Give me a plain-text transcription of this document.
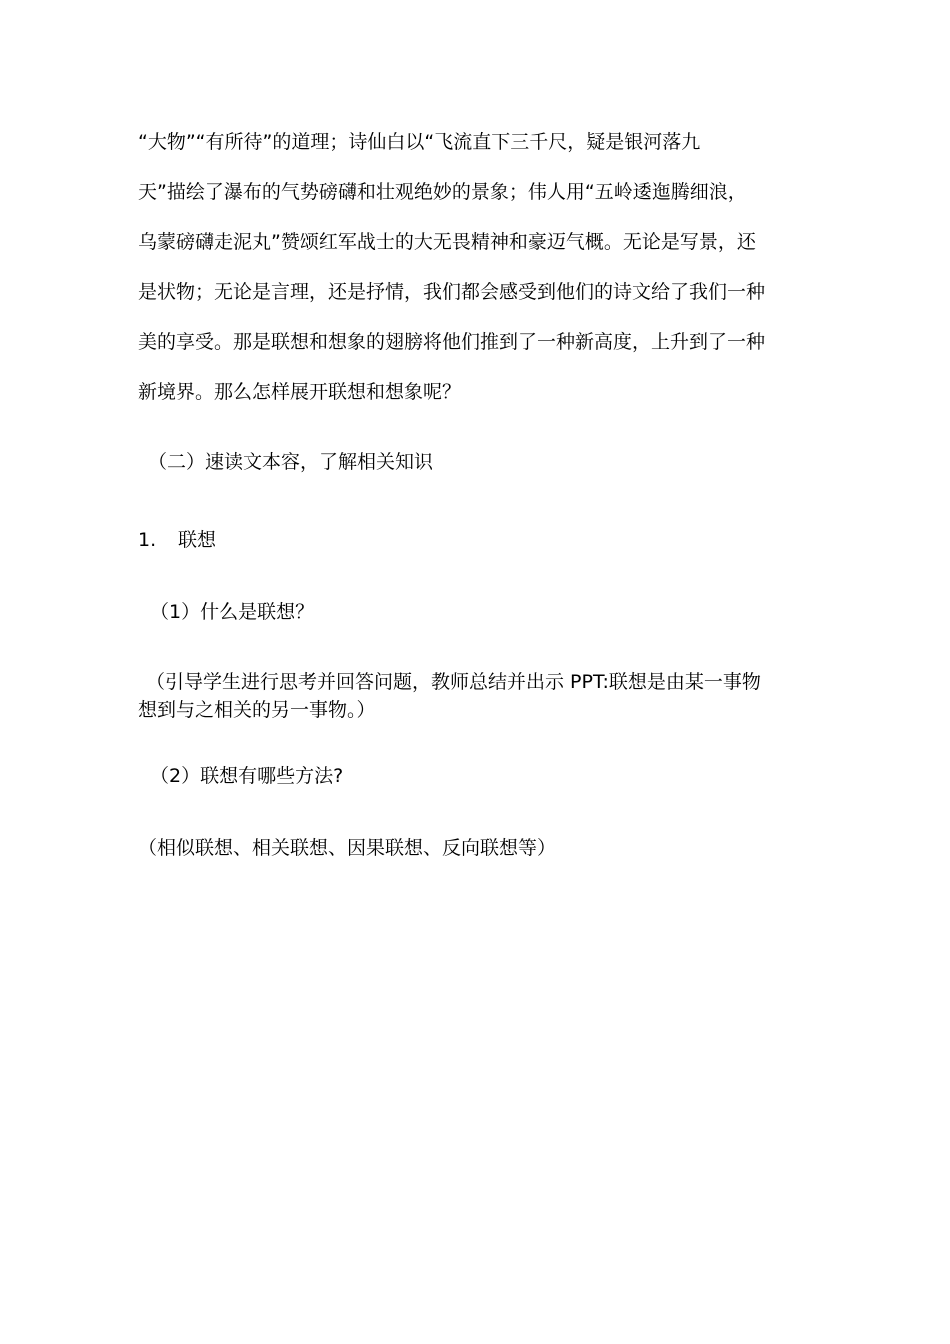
“大物”“有所待”的道理；诗仙白以“飞流直下三千尺，疑是银河落九
天”描绘了瀑布的气势磅礴和壮观绝妙的景象；伟人用“五岭逶迤腾细浪，
乌蒙磅礴走泥丸”赞颂红军战士的大无畏精神和豪迈气概。无论是写景，还
是状物；无论是言理，还是抒情，我们都会感受到他们的诗文给了我们一种
美的享受。那是联想和想象的翅膀将他们推到了一种新高度，上升到了一种
新境界。那么怎样展开联想和想象呢？

（二）速读文本容，了解相关知识

1. 联想

（1）什么是联想？

（引导学生进行思考并回答问题，教师总结并出示 PPT:联想是由某一事物
想到与之相关的另一事物。）

（2）联想有哪些方法?

（相似联想、相关联想、因果联想、反向联想等）
